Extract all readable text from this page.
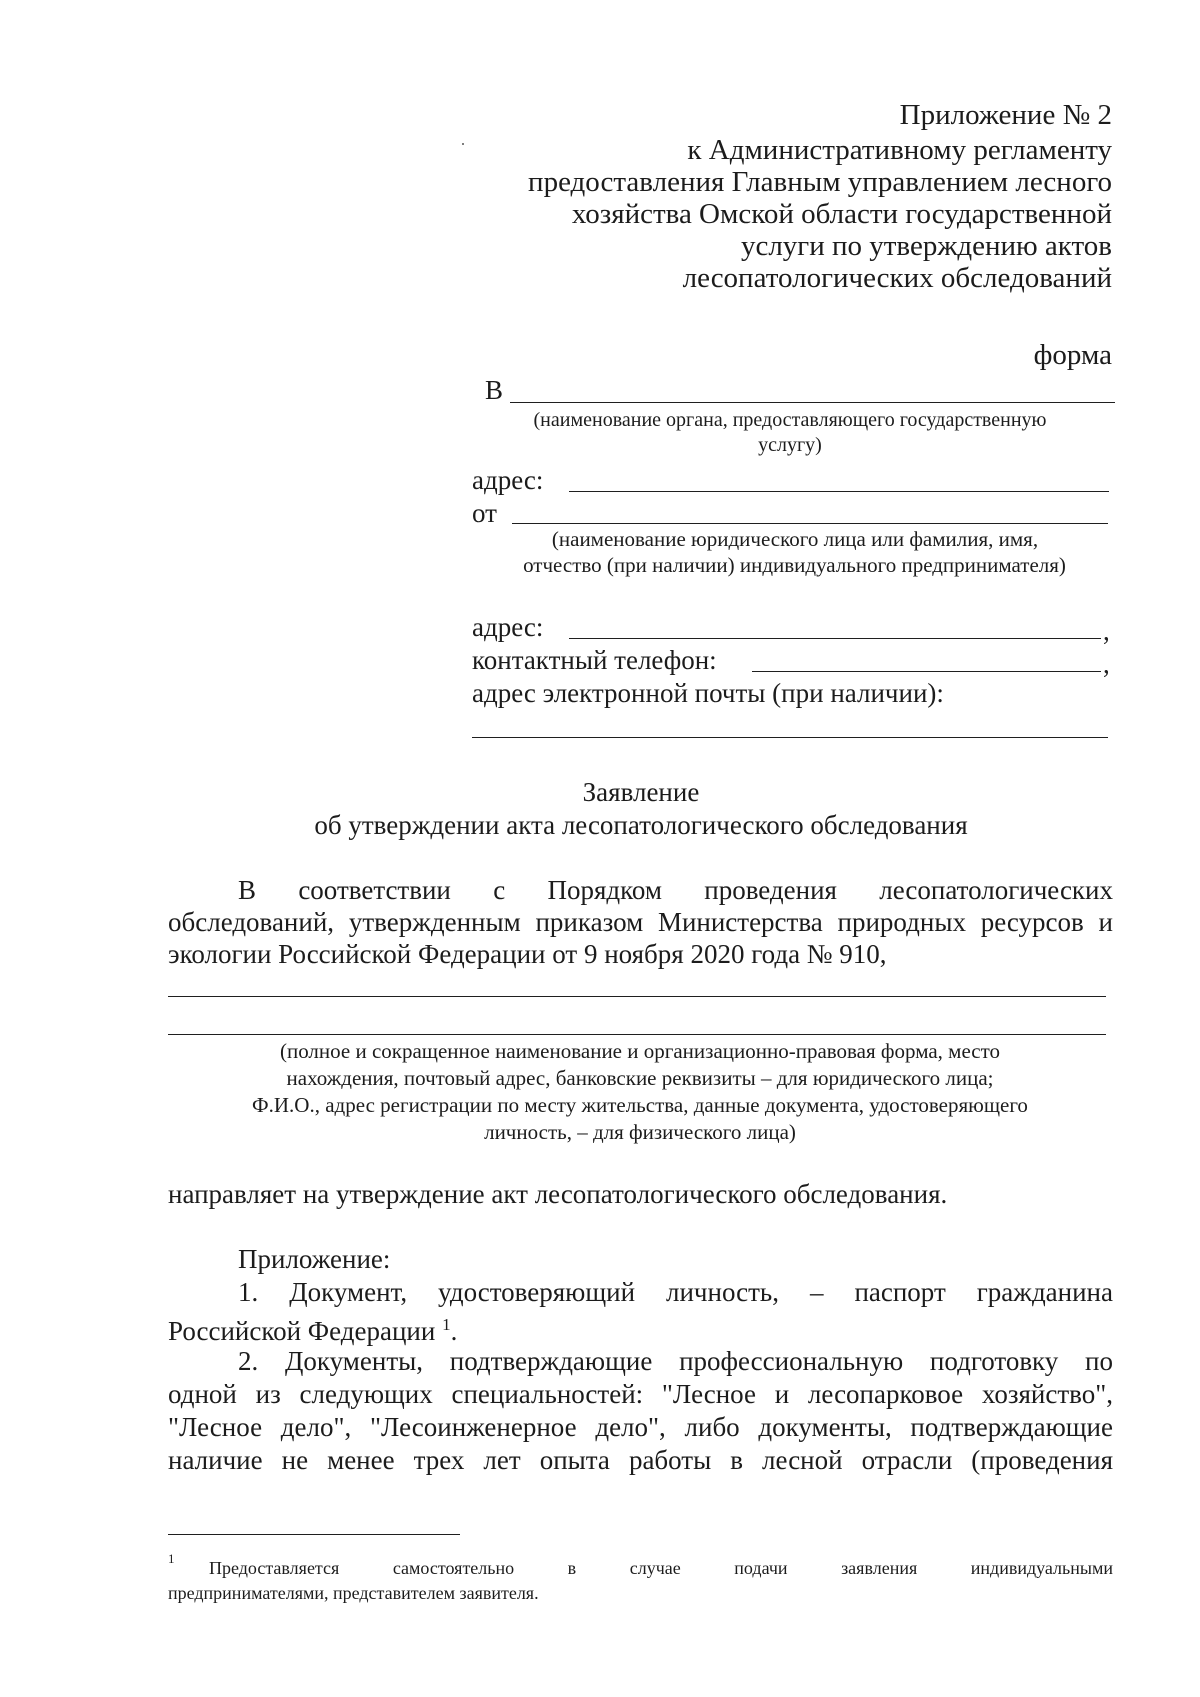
Приложение № 2
к Административному регламенту
предоставления Главным управлением лесного
хозяйства Омской области государственной
услуги по утверждению актов
лесопатологических обследований
форма
В
(наименование органа, предоставляющего государственную
услугу)
адрес:
от
(наименование юридического лица или фамилия, имя,
отчество (при наличии) индивидуального предпринимателя)
адрес:	,
контактный телефон:	,
адрес электронной почты (при наличии):
Заявление
об утверждении акта лесопатологического обследования
В соответствии с Порядком проведения лесопатологических
обследований, утвержденным приказом Министерства природных ресурсов и
экологии Российской Федерации от 9 ноября 2020 года № 910,
(полное и сокращенное наименование и организационно-правовая форма, место
нахождения, почтовый адрес, банковские реквизиты – для юридического лица;
Ф.И.О., адрес регистрации по месту жительства, данные документа, удостоверяющего
личность, – для физического лица)
направляет на утверждение акт лесопатологического обследования.
Приложение:
1. Документ, удостоверяющий личность, – паспорт гражданина
Российской Федерации $^1$.
2. Документы, подтверждающие профессиональную подготовку по
одной из следующих специальностей: "Лесное и лесопарковое хозяйство",
"Лесное дело", "Лесоинженерное дело", либо документы, подтверждающие
наличие не менее трех лет опыта работы в лесной отрасли (проведения
1 Предоставляется самостоятельно в случае подачи заявления индивидуальными
предпринимателями, представителем заявителя.
